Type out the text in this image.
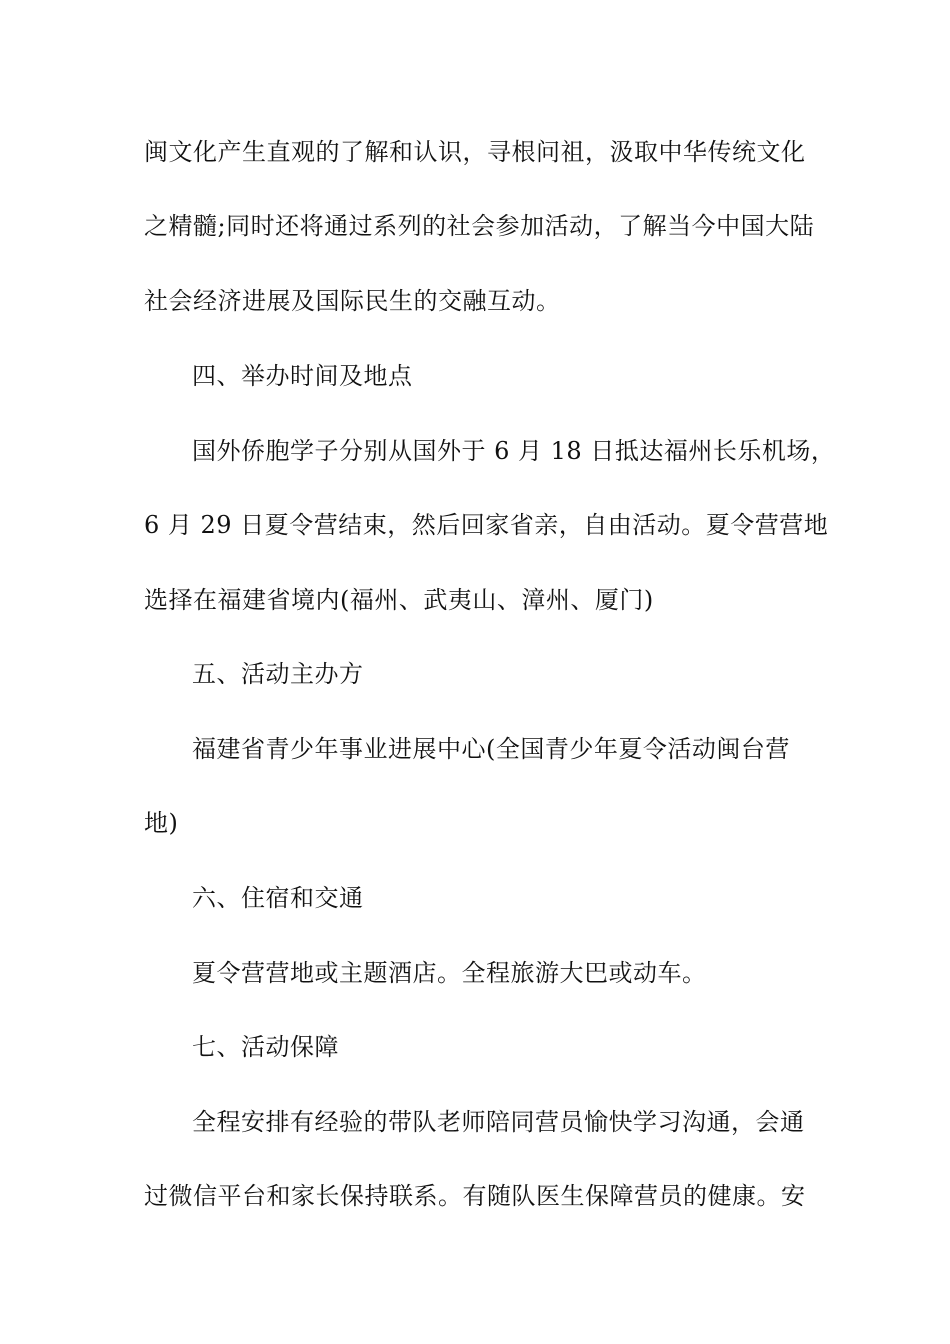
闽文化产生直观的了解和认识，寻根问祖，汲取中华传统文化
之精髓;同时还将通过系列的社会参加活动，了解当今中国大陆
社会经济进展及国际民生的交融互动。
四、举办时间及地点
国外侨胞学子分别从国外于 6 月 18 日抵达福州长乐机场，
6 月 29 日夏令营结束，然后回家省亲，自由活动。夏令营营地
选择在福建省境内(福州、武夷山、漳州、厦门)
五、活动主办方
福建省青少年事业进展中心(全国青少年夏令活动闽台营
地)
六、住宿和交通
夏令营营地或主题酒店。全程旅游大巴或动车。
七、活动保障
全程安排有经验的带队老师陪同营员愉快学习沟通，会通
过微信平台和家长保持联系。有随队医生保障营员的健康。安
